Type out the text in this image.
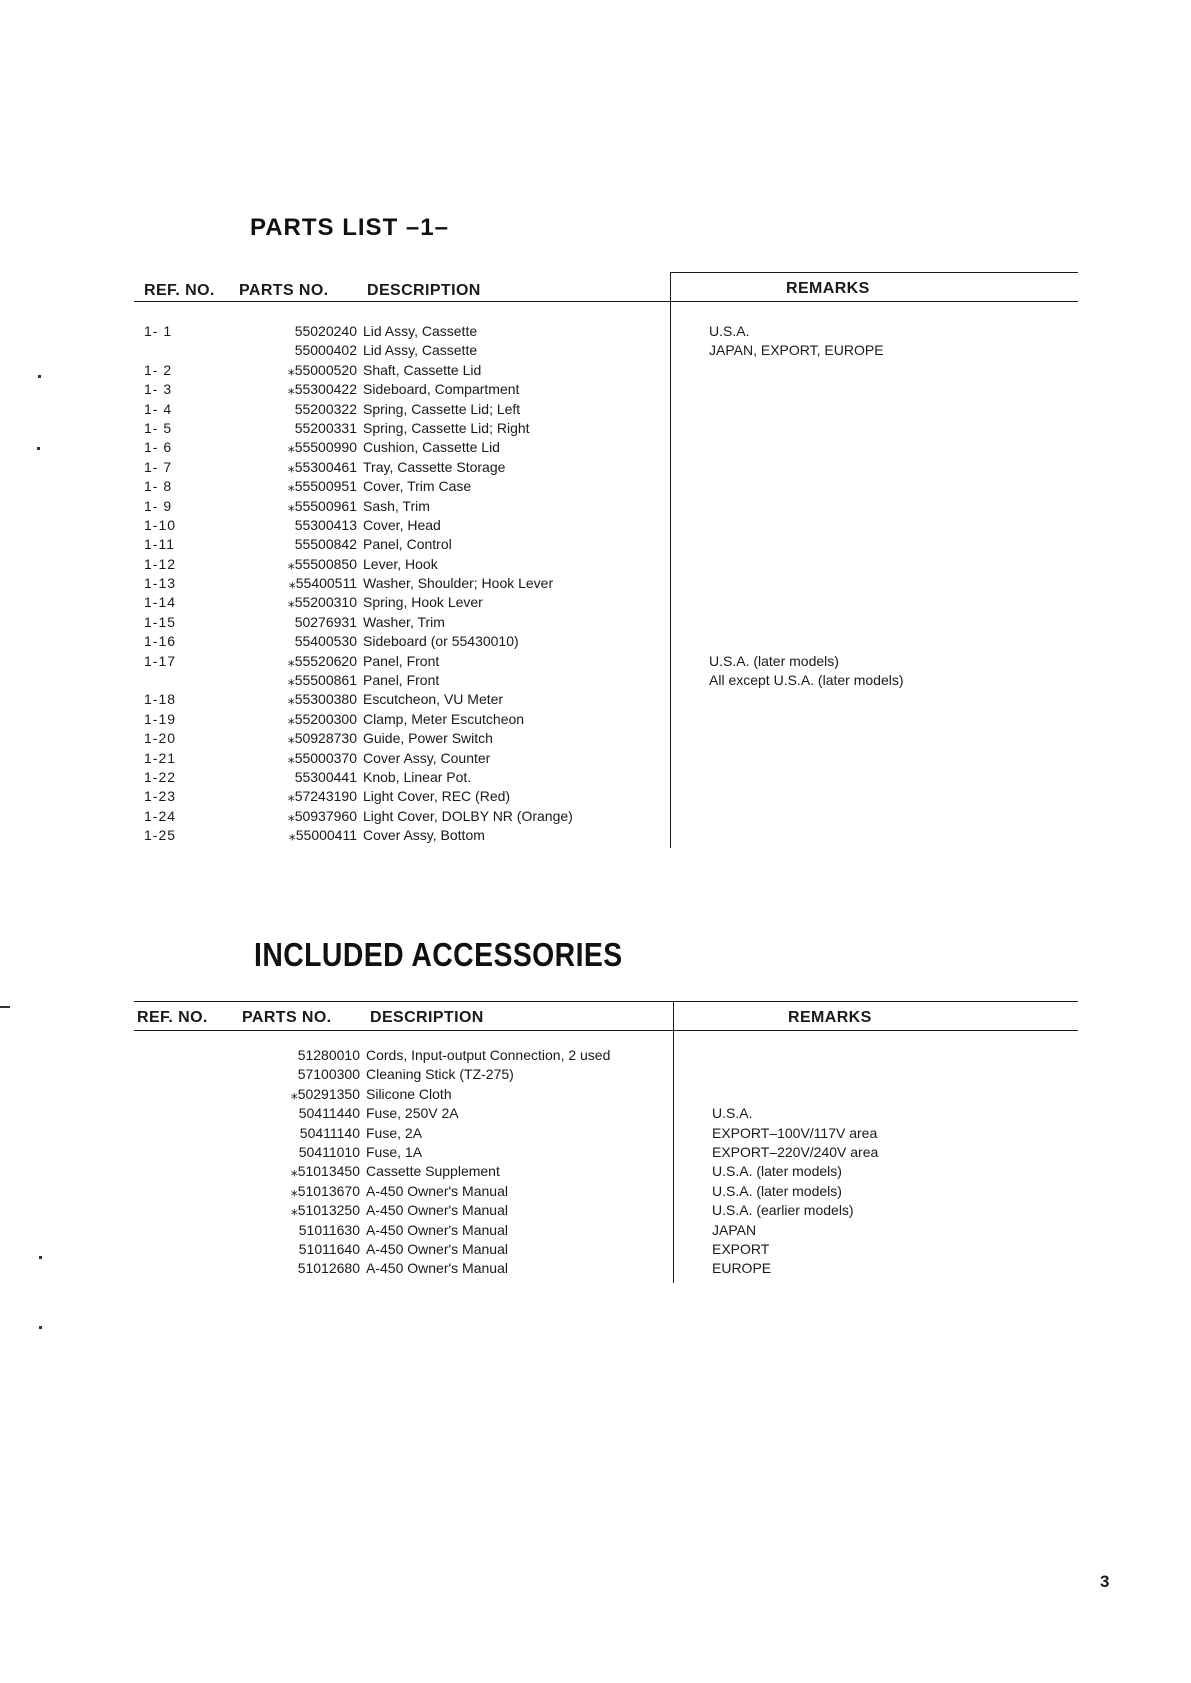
PARTS LIST –1–
REF. NO. PARTS NO. DESCRIPTION	REMARKS
1- 1	55020240 Lid Assy, Cassette	U.S.A.
55000402 Lid Assy, Cassette	JAPAN, EXPORT, EUROPE
1- 2	⁎55000520 Shaft, Cassette Lid
1- 3	⁎55300422 Sideboard, Compartment
1- 4	55200322 Spring, Cassette Lid; Left
1- 5	55200331 Spring, Cassette Lid; Right
1- 6	⁎55500990 Cushion, Cassette Lid
1- 7	⁎55300461 Tray, Cassette Storage
1- 8	⁎55500951 Cover, Trim Case
1- 9	⁎55500961 Sash, Trim
1-10	55300413 Cover, Head
1-11	55500842 Panel, Control
1-12	⁎55500850 Lever, Hook
1-13	⁎55400511 Washer, Shoulder; Hook Lever
1-14	⁎55200310 Spring, Hook Lever
1-15	50276931 Washer, Trim
1-16	55400530 Sideboard (or 55430010)
1-17	⁎55520620 Panel, Front	U.S.A. (later models)
⁎55500861 Panel, Front	All except U.S.A. (later models)
1-18	⁎55300380 Escutcheon, VU Meter
1-19	⁎55200300 Clamp, Meter Escutcheon
1-20	⁎50928730 Guide, Power Switch
1-21	⁎55000370 Cover Assy, Counter
1-22	55300441 Knob, Linear Pot.
1-23	⁎57243190 Light Cover, REC (Red)
1-24	⁎50937960 Light Cover, DOLBY NR (Orange)
1-25	⁎55000411 Cover Assy, Bottom
INCLUDED ACCESSORIES
REF. NO. PARTS NO. DESCRIPTION	REMARKS
51280010 Cords, Input-output Connection, 2 used
57100300 Cleaning Stick (TZ-275)
⁎50291350 Silicone Cloth
50411440 Fuse, 250V 2A	U.S.A.
50411140 Fuse, 2A	EXPORT–100V/117V area
50411010 Fuse, 1A	EXPORT–220V/240V area
⁎51013450 Cassette Supplement	U.S.A. (later models)
⁎51013670 A-450 Owner's Manual	U.S.A. (later models)
⁎51013250 A-450 Owner's Manual	U.S.A. (earlier models)
51011630 A-450 Owner's Manual	JAPAN
51011640 A-450 Owner's Manual	EXPORT
51012680 A-450 Owner's Manual	EUROPE
3
